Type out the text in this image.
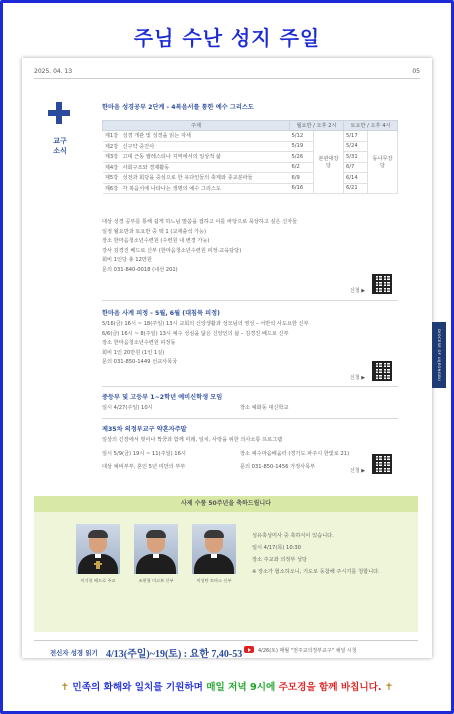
주님 수난 성지 주일
2025. 04. 13	05
교구
소식
한마음 성경공부 2단계 - 4복음서를 통한 예수 그리스도
주제		월요반 / 오후 2시		토요반 / 오후 4시	
제1강	성경 개관 및 성경을 읽는 자세	5/12	본관대강당	5/17	동나무강당
제2강	신구약 중간사	5/19		5/24	
제3강	고대 근동 팔레스티나 지역에서의 일상적 삶	5/26		5/31	
제4강	사회구조와 경제활동	6/2		6/7	
제5강	성전과 회당을 중심으로 한 유다인들의 축제와 종교분파들	6/9		6/14	
제6강	각 복음서에 나타나는 생명의 예수 그리스도	6/16		6/21	
대상 성경 공부를 통해 쉽게 하느님 말씀을 접하고 이를 바탕으로 묵상하고 싶은 신자들
일정 월요반과 토요반 중 택 1 (교재출석 가능)
장소 한마음청소년수련원 (수련원 내 변경 가능)
강사 김경진 베드로 신부 (한마음청소년수련원 피정·교육담당)
회비 1인당 총 12만원
문의 031-840-0018 (내선 201)
신청 ▶
한마음 사계 피정 - 5월, 6월 (대침묵 피정)
5/16(금) 16시 ~ 18(주일) 13시 교회의 신앙생활과 성모님의 영성 – 서반석 사도요한 신부
6/6(금) 16시 ~ 8(주일) 13시 예수 성심을 닮은 신앙인의 삶 – 김경진 베드로 신부
장소 한마음청소년수련원 피정동
회비 1인 20만원 (1인 1실)
문의 031-850-1449 선교사목국
신청 ▶
중등부 및 고등부 1~2학년 예비신학생 모임
일시 4/27(주일) 10시	장소 예화동 대신학교
제35차 의정부교구 약혼자주말
일상의 긴장에서 벗어나 짝꿍과 함께 미래, 일치, 사랑을 위한 의사소통 프로그램
일시 5/9(금) 19시 ~ 11(주일) 16시	장소 예수마음배움터 (경기도 파주시 한빛로 21)
대상 예비부부, 혼인 5년 미만의 부부	문의 031-850-1456 가정사목부
신청 ▶
사제 수품 50주년을 축하드립니다
이기헌 베드로 주교	조현형 미고보 신부	이성탄 토마스 신부
성유축성미사 중 축하식이 있습니다.
일시 4/17(목) 10:30
장소 주교좌 의정부 성당
※ 장소가 협소하오니, 기도로 동참해 주시기를 청합니다.
전신자 성경 읽기 4/13(주일)~19(토) : 요한 7,40-53	4/26(토) 매월 "천주교의정부교구" 채널 시청
DIOCESE OF UIJEONGBU
✝ 민족의 화해와 일치를 기원하며 매일 저녁 9시에 주모경을 함께 바칩니다. ✝
